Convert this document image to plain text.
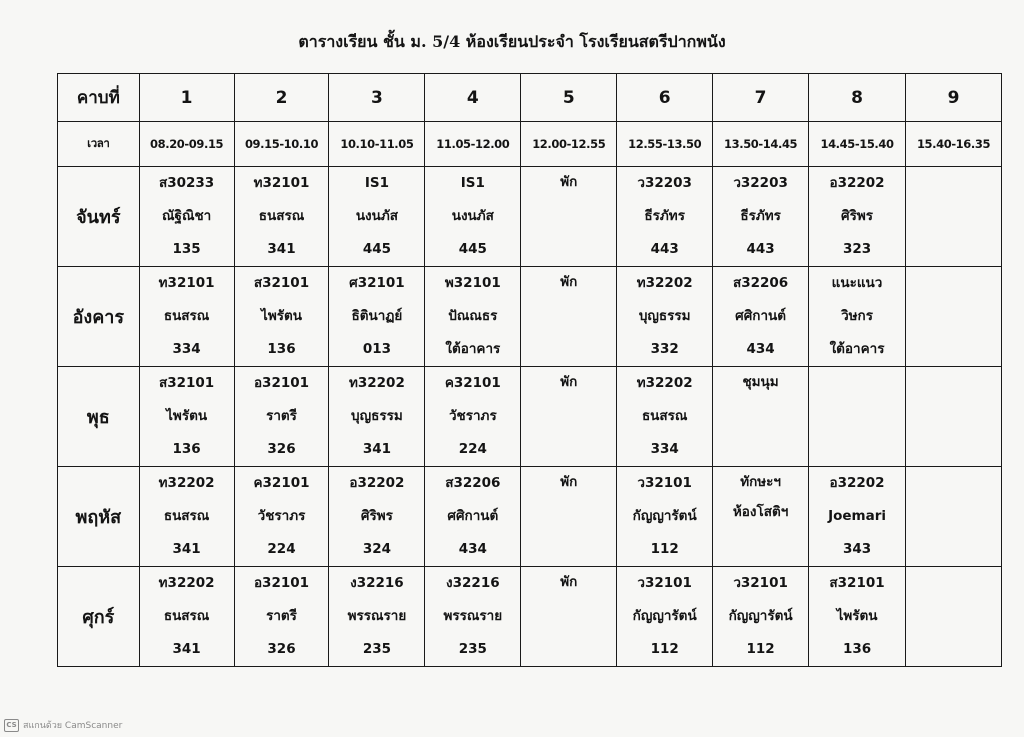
ตารางเรียน ชั้น ม. 5/4 ห้องเรียนประจำ โรงเรียนสตรีปากพนัง
คาบที่	1	2	3	4	5	6	7	8	9
เวลา	08.20-09.15	09.15-10.10	10.10-11.05	11.05-12.00	12.00-12.55	12.55-13.50	13.50-14.45	14.45-15.40	15.40-16.35
จันทร์	ส30233
ณัฐิณิชา
135	ท32101
ธนสรณ
341	IS1
นงนภัส
445	IS1
นงนภัส
445	พัก	ว32203
ธีรภัทร
443	ว32203
ธีรภัทร
443	อ32202
ศิริพร
323	

อังคาร	ท32101
ธนสรณ
334	ส32101
ไพรัตน
136	ศ32101
ธิตินาฏย์
013	พ32101
ปัณณธร
ใต้อาคาร	พัก	ท32202
บุญธรรม
332	ส32206
ศศิกานต์
434	แนะแนว
วิษกร
ใต้อาคาร	

พุธ	ส32101
ไพรัตน
136	อ32101
ราตรี
326	ท32202
บุญธรรม
341	ค32101
วัชราภร
224	พัก	ท32202
ธนสรณ
334	ชุมนุม		

พฤหัส	ท32202
ธนสรณ
341	ค32101
วัชราภร
224	อ32202
ศิริพร
324	ส32206
ศศิกานต์
434	พัก	ว32101
กัญญารัตน์
112	ทักษะฯ
ห้องโสติฯ	อ32202
Joemari
343	

ศุกร์	ท32202
ธนสรณ
341	อ32101
ราตรี
326	ง32216
พรรณราย
235	ง32216
พรรณราย
235	พัก	ว32101
กัญญารัตน์
112	ว32101
กัญญารัตน์
112	ส32101
ไพรัตน
136	

CS สแกนด้วย CamScanner
